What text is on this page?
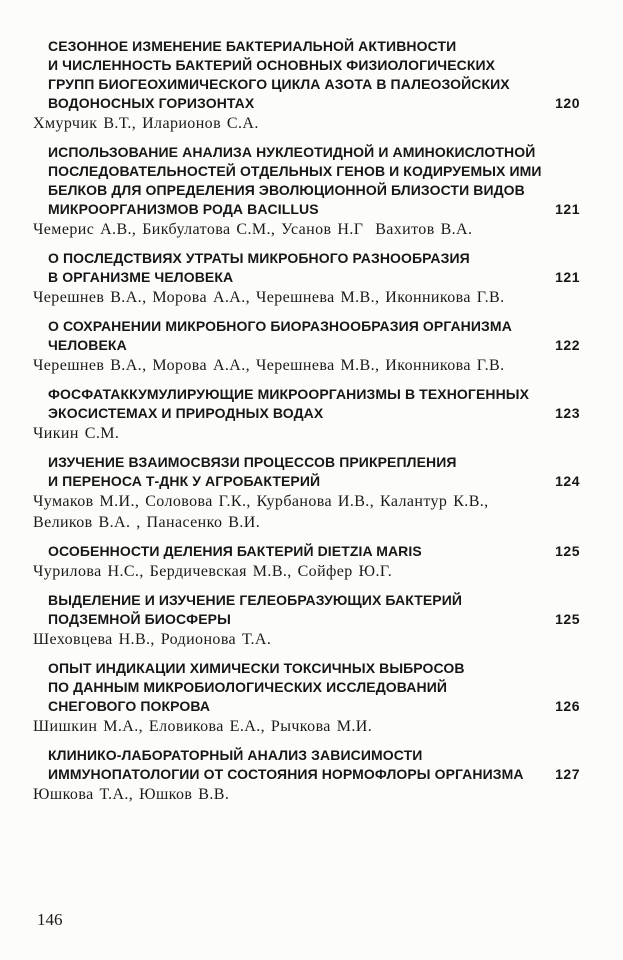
СЕЗОННОЕ ИЗМЕНЕНИЕ БАКТЕРИАЛЬНОЙ АКТИВНОСТИ
И ЧИСЛЕННОСТЬ БАКТЕРИЙ ОСНОВНЫХ ФИЗИОЛОГИЧЕСКИХ
ГРУПП БИОГЕОХИМИЧЕСКОГО ЦИКЛА АЗОТА В ПАЛЕОЗОЙСКИХ
ВОДОНОСНЫХ ГОРИЗОНТАХ	120
Хмурчик В.Т., Иларионов С.А.
ИСПОЛЬЗОВАНИЕ АНАЛИЗА НУКЛЕОТИДНОЙ И АМИНОКИСЛОТНОЙ
ПОСЛЕДОВАТЕЛЬНОСТЕЙ ОТДЕЛЬНЫХ ГЕНОВ И КОДИРУЕМЫХ ИМИ
БЕЛКОВ ДЛЯ ОПРЕДЕЛЕНИЯ ЭВОЛЮЦИОННОЙ БЛИЗОСТИ ВИДОВ
МИКРООРГАНИЗМОВ РОДА BACILLUS	121
Чемерис А.В., Бикбулатова С.М., Усанов Н.Г  Вахитов В.А.
О ПОСЛЕДСТВИЯХ УТРАТЫ МИКРОБНОГО РАЗНООБРАЗИЯ
В ОРГАНИЗМЕ ЧЕЛОВЕКА	121
Черешнев В.А., Морова А.А., Черешнева М.В., Иконникова Г.В.
О СОХРАНЕНИИ МИКРОБНОГО БИОРАЗНООБРАЗИЯ ОРГАНИЗМА
ЧЕЛОВЕКА	122
Черешнев В.А., Морова А.А., Черешнева М.В., Иконникова Г.В.
ФОСФАТАККУМУЛИРУЮЩИЕ МИКРООРГАНИЗМЫ В ТЕХНОГЕННЫХ
ЭКОСИСТЕМАХ И ПРИРОДНЫХ ВОДАХ	123
Чикин С.М.
ИЗУЧЕНИЕ ВЗАИМОСВЯЗИ ПРОЦЕССОВ ПРИКРЕПЛЕНИЯ
И ПЕРЕНОСА Т-ДНК У АГРОБАКТЕРИЙ	124
Чумаков М.И., Соловова Г.К., Курбанова И.В., Калантур К.В.,
Великов В.А. , Панасенко В.И.
ОСОБЕННОСТИ ДЕЛЕНИЯ БАКТЕРИЙ DIETZIA MARIS	125
Чурилова Н.С., Бердичевская М.В., Сойфер Ю.Г.
ВЫДЕЛЕНИЕ И ИЗУЧЕНИЕ ГЕЛЕОБРАЗУЮЩИХ БАКТЕРИЙ
ПОДЗЕМНОЙ БИОСФЕРЫ	125
Шеховцева Н.В., Родионова Т.А.
ОПЫТ ИНДИКАЦИИ ХИМИЧЕСКИ ТОКСИЧНЫХ ВЫБРОСОВ
ПО ДАННЫМ МИКРОБИОЛОГИЧЕСКИХ ИССЛЕДОВАНИЙ
СНЕГОВОГО ПОКРОВА	126
Шишкин М.А., Еловикова Е.А., Рычкова М.И.
КЛИНИКО-ЛАБОРАТОРНЫЙ АНАЛИЗ ЗАВИСИМОСТИ
ИММУНОПАТОЛОГИИ ОТ СОСТОЯНИЯ НОРМОФЛОРЫ ОРГАНИЗМА	127
Юшкова Т.А., Юшков В.В.
146
